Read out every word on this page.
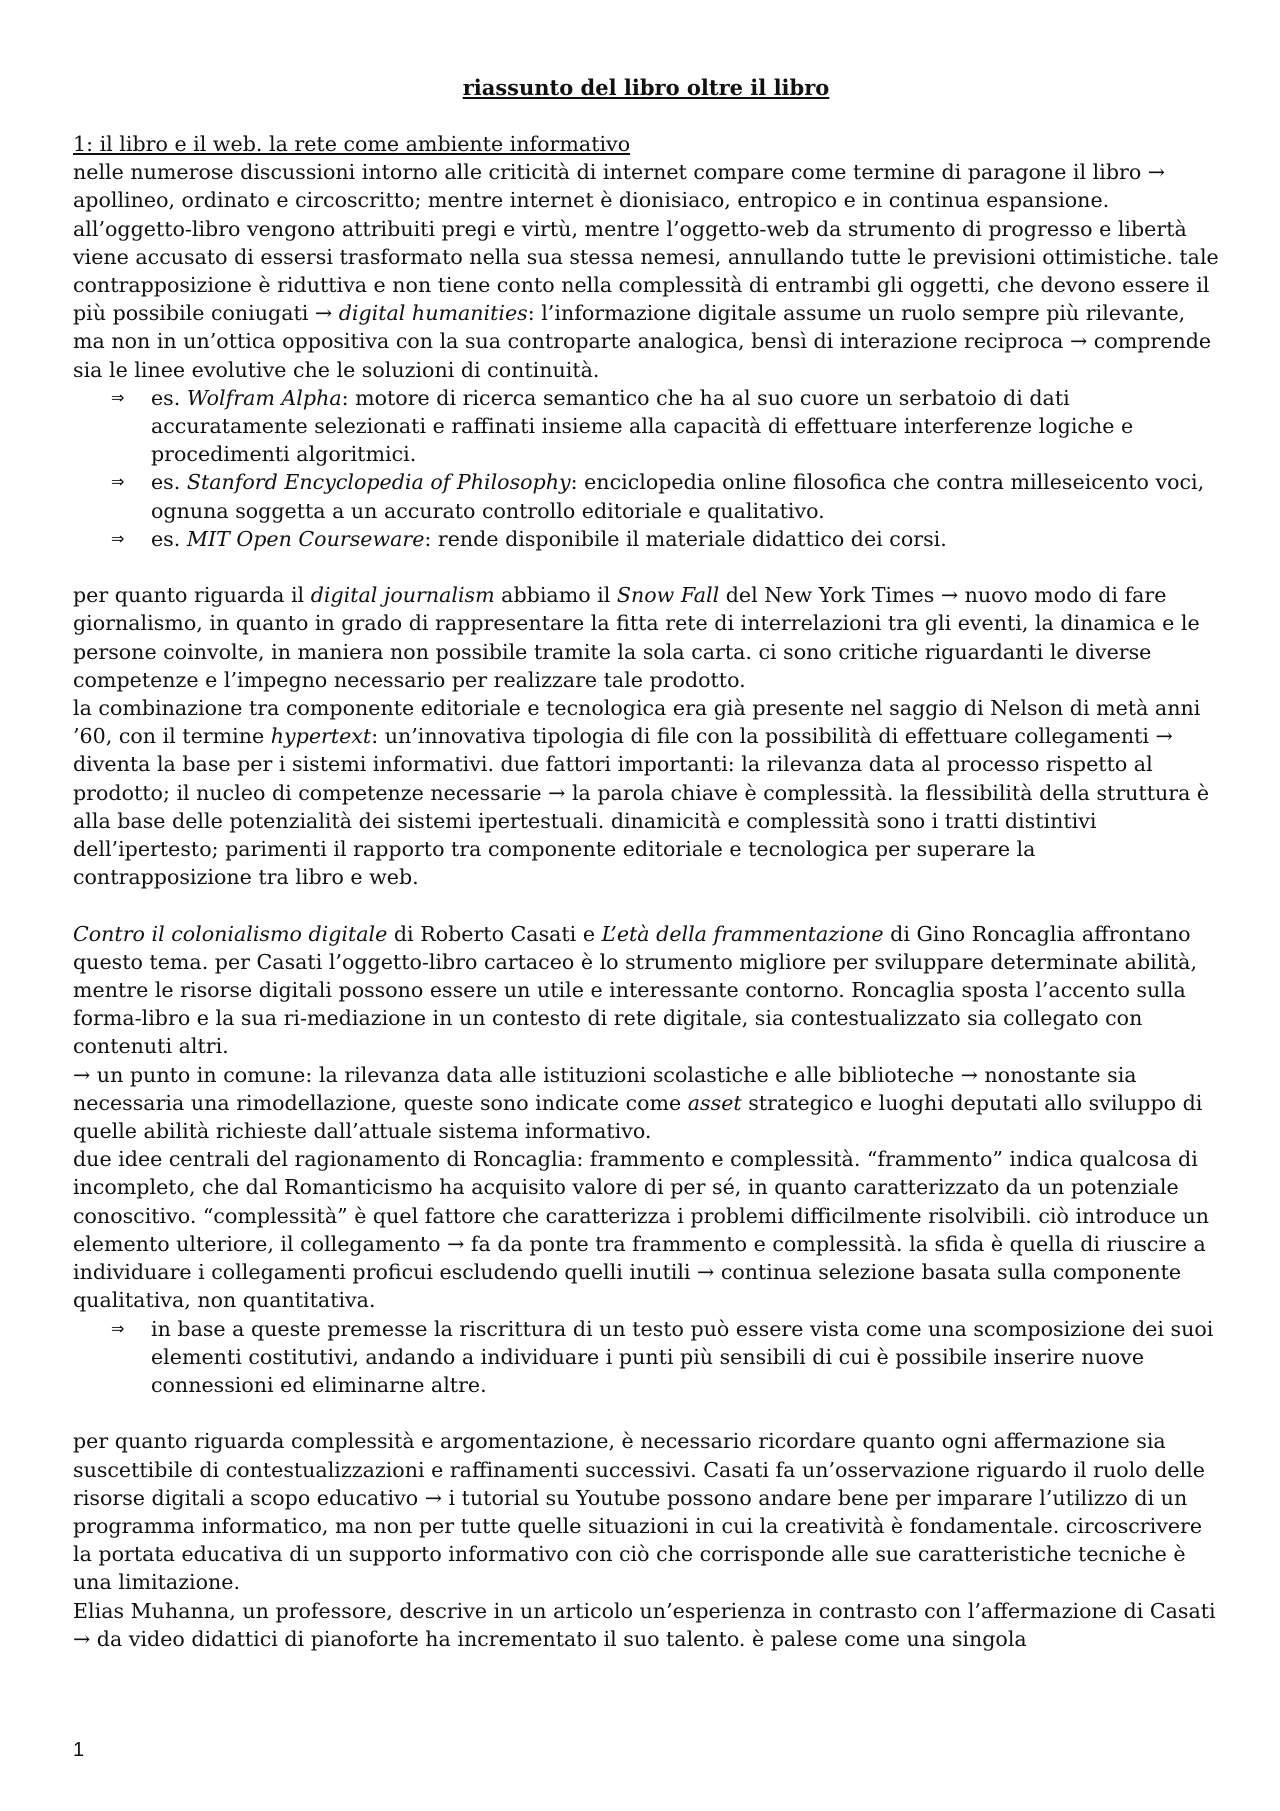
riassunto del libro oltre il libro
1: il libro e il web. la rete come ambiente informativo

nelle numerose discussioni intorno alle criticità di internet compare come termine di paragone il libro → apollineo, ordinato e circoscritto; mentre internet è dionisiaco, entropico e in continua espansione. all’oggetto-libro vengono attribuiti pregi e virtù, mentre l’oggetto-web da strumento di progresso e libertà viene accusato di essersi trasformato nella sua stessa nemesi, annullando tutte le previsioni ottimistiche. tale contrapposizione è riduttiva e non tiene conto nella complessità di entrambi gli oggetti, che devono essere il più possibile coniugati → digital humanities: l’informazione digitale assume un ruolo sempre più rilevante, ma non in un’ottica oppositiva con la sua controparte analogica, bensì di interazione reciproca → comprende sia le linee evolutive che le soluzioni di continuità.

⇒ es. Wolfram Alpha: motore di ricerca semantico che ha al suo cuore un serbatoio di dati accuratamente selezionati e raffinati insieme alla capacità di effettuare interferenze logiche e procedimenti algoritmici.
⇒ es. Stanford Encyclopedia of Philosophy: enciclopedia online filosofica che contra milleseicento voci, ognuna soggetta a un accurato controllo editoriale e qualitativo.
⇒ es. MIT Open Courseware: rende disponibile il materiale didattico dei corsi.

per quanto riguarda il digital journalism abbiamo il Snow Fall del New York Times → nuovo modo di fare giornalismo, in quanto in grado di rappresentare la fitta rete di interrelazioni tra gli eventi, la dinamica e le persone coinvolte, in maniera non possibile tramite la sola carta. ci sono critiche riguardanti le diverse competenze e l’impegno necessario per realizzare tale prodotto.

la combinazione tra componente editoriale e tecnologica era già presente nel saggio di Nelson di metà anni ’60, con il termine hypertext: un’innovativa tipologia di file con la possibilità di effettuare collegamenti → diventa la base per i sistemi informativi. due fattori importanti: la rilevanza data al processo rispetto al prodotto; il nucleo di competenze necessarie → la parola chiave è complessità. la flessibilità della struttura è alla base delle potenzialità dei sistemi ipertestuali. dinamicità e complessità sono i tratti distintivi dell’ipertesto; parimenti il rapporto tra componente editoriale e tecnologica per superare la contrapposizione tra libro e web.

Contro il colonialismo digitale di Roberto Casati e L’età della frammentazione di Gino Roncaglia affrontano questo tema. per Casati l’oggetto-libro cartaceo è lo strumento migliore per sviluppare determinate abilità, mentre le risorse digitali possono essere un utile e interessante contorno. Roncaglia sposta l’accento sulla forma-libro e la sua ri-mediazione in un contesto di rete digitale, sia contestualizzato sia collegato con contenuti altri.

→ un punto in comune: la rilevanza data alle istituzioni scolastiche e alle biblioteche → nonostante sia necessaria una rimodellazione, queste sono indicate come asset strategico e luoghi deputati allo sviluppo di quelle abilità richieste dall’attuale sistema informativo.

due idee centrali del ragionamento di Roncaglia: frammento e complessità. “frammento” indica qualcosa di incompleto, che dal Romanticismo ha acquisito valore di per sé, in quanto caratterizzato da un potenziale conoscitivo. “complessità” è quel fattore che caratterizza i problemi difficilmente risolvibili. ciò introduce un elemento ulteriore, il collegamento → fa da ponte tra frammento e complessità. la sfida è quella di riuscire a individuare i collegamenti proficui escludendo quelli inutili → continua selezione basata sulla componente qualitativa, non quantitativa.

⇒ in base a queste premesse la riscrittura di un testo può essere vista come una scomposizione dei suoi elementi costitutivi, andando a individuare i punti più sensibili di cui è possibile inserire nuove connessioni ed eliminarne altre.

per quanto riguarda complessità e argomentazione, è necessario ricordare quanto ogni affermazione sia suscettibile di contestualizzazioni e raffinamenti successivi. Casati fa un’osservazione riguardo il ruolo delle risorse digitali a scopo educativo → i tutorial su Youtube possono andare bene per imparare l’utilizzo di un programma informatico, ma non per tutte quelle situazioni in cui la creatività è fondamentale. circoscrivere la portata educativa di un supporto informativo con ciò che corrisponde alle sue caratteristiche tecniche è una limitazione.

Elias Muhanna, un professore, descrive in un articolo un’esperienza in contrasto con l’affermazione di Casati → da video didattici di pianoforte ha incrementato il suo talento. è palese come una singola

1
